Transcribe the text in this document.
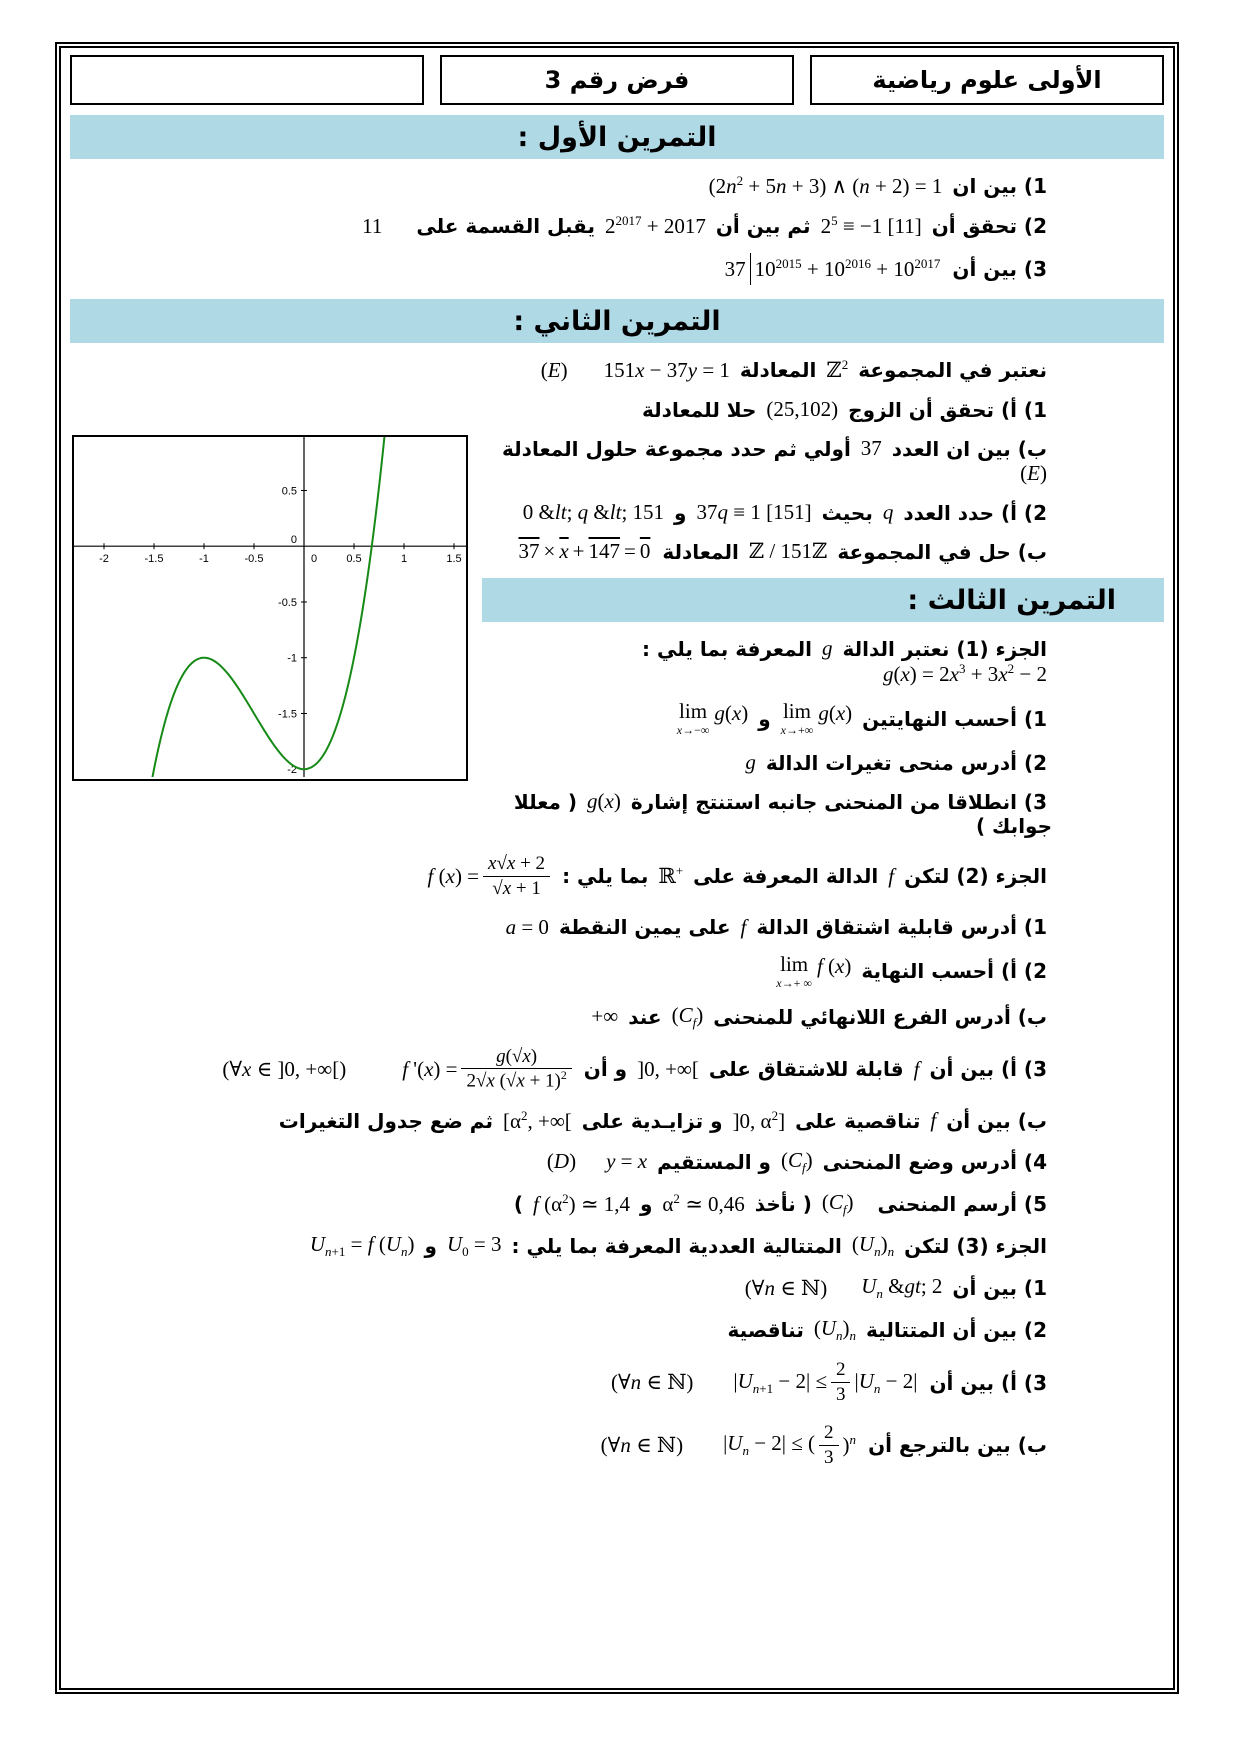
فرض رقم 3	الأولى علوم رياضية
التمرين الأول :
1) بين $ان(2n^2 + 5n + 3)$ ∧ (n + 2) = 1
2) تحقق $أن2^5 \equiv -1$ [11]ثم بين $أن2^{2017}$ + 2017يقبل القسمة على11
3) بين أن
37 $10^{2015} + 10^{2016} + 10^{2017}$
التمرين الثاني :
نعتبر في المجموعةℤ$^2$المعادلة151x − 37y = 1(E)
1) أ) تحقق أن الزوج(25,102)حلا للمعادلة
-2	-1.5	-1	-0.5	0	0.5	1	1.5
0.5
0
-0.5
-1
-1.5
-2
ب) بين ان العدد37أولي ثم حدد مجموعة حلول المعادلة(E)
2) أ) حدد العددqبحيث37q ≡ 1 [151]و0 &lt; q &lt; 151
ب) حل في المجموعةℤ / 151ℤالمعادلة
$37 \times \overline{x} + 147 = 0$
التمرين الثالث :
الجزء (1) نعتبر الدالةgالمعرفة بما يلي :g(x) = $2x^3 + 3x^2 - 2$
1) أحسب النهايتين
lim
x→+∞
g(x)
و
lim
x→−∞
g(x)
2) أدرس منحى تغيرات الدالةg
3) انطلاقا من المنحنى جانبه استنتج إشارةg(x)( معللا جوابك )
الجزء (2) لتكنfالدالة المعرفة علىℝ+بما يلي :
f $(x) = \frac{x√x + 2}{√x + 1}$
1) أدرس قابلية اشتقاق الدالةfعلى يمين النقطةa = 0
2) أ) أحسب النهاية
lim
x→+ ∞
f (x)
ب) أدرس الفرع اللانهائي $للمنحنى(C_f)عند+\infty$
3) أ) بين أنfقابلة للاشتقاق على]0, +∞[و أن
f '$(x) = \frac{g(√x)}{2√x (√x + 1)^2}$
(∀x ∈ ]0, +∞[)
ب) بين أنfتناقصية على]0, $\alpha^2]و$ تزايـدية $على[\alpha^2$, +∞[ثم ضع جدول التغيرات
4) أدرس وضع $المنحنى(C_f)و$ المستقيمy = x(D)
5) أرسم $المنحنى(C_f)$( نأخذα$^2$ ≃ 0,46وf $(\alpha^2)$ ≃ 1,4)
الجزء (3) $لتكن(U_n)_nالمتتالية$ العددية المعرفة بما يلي $:U_0$ = 3وU$_{n+1}$ = f $(U_n)$
1) بين أنU$_n$ &gt; 2(∀n ∈ ℕ)
2) بين أن $المتتالية(U_n)_nتناقصية$
3) أ) بين أن
$|U_{n+1} - 2| \le \frac{2}{3} |U_n - 2|$
(∀n ∈ ℕ)
ب) بين بالترجع أن
$|U_n - 2|$ ≤ ( $\frac{2}{3} )^n$
(∀n ∈ ℕ)
